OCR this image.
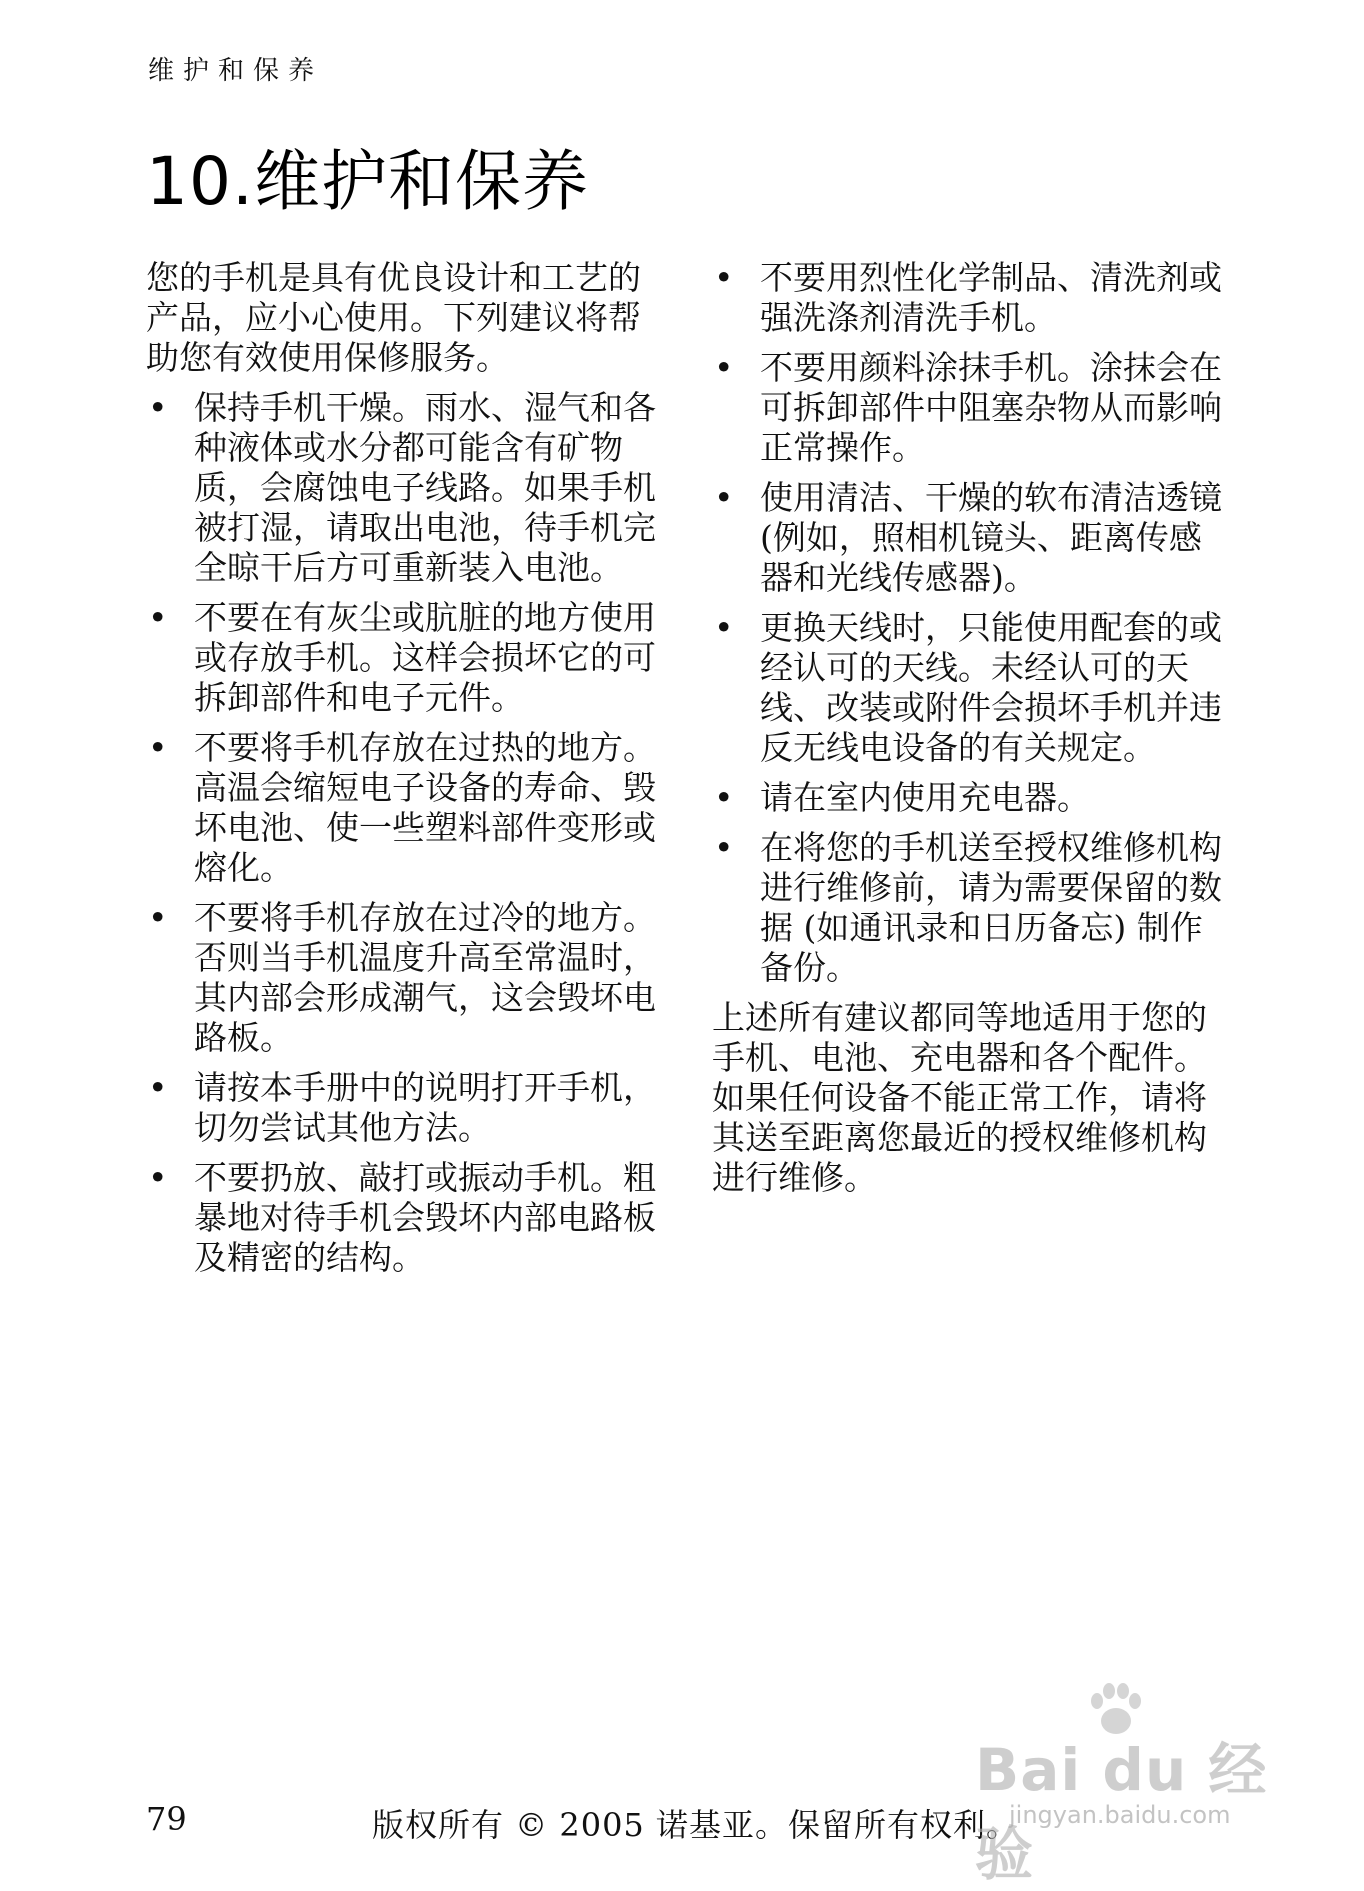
维护和保养
10.维护和保养

您的手机是具有优良设计和工艺的产品，应小心使用。下列建议将帮助您有效使用保修服务。

• 保持手机干燥。雨水、湿气和各种液体或水分都可能含有矿物质，会腐蚀电子线路。如果手机被打湿，请取出电池，待手机完全晾干后方可重新装入电池。
• 不要在有灰尘或肮脏的地方使用或存放手机。这样会损坏它的可拆卸部件和电子元件。
• 不要将手机存放在过热的地方。高温会缩短电子设备的寿命、毁坏电池、使一些塑料部件变形或熔化。
• 不要将手机存放在过冷的地方。否则当手机温度升高至常温时，其内部会形成潮气，这会毁坏电路板。
• 请按本手册中的说明打开手机，切勿尝试其他方法。
• 不要扔放、敲打或振动手机。粗暴地对待手机会毁坏内部电路板及精密的结构。
• 不要用烈性化学制品、清洗剂或强洗涤剂清洗手机。
• 不要用颜料涂抹手机。涂抹会在可拆卸部件中阻塞杂物从而影响正常操作。
• 使用清洁、干燥的软布清洁透镜 (例如，照相机镜头、距离传感器和光线传感器)。
• 更换天线时，只能使用配套的或经认可的天线。未经认可的天线、改装或附件会损坏手机并违反无线电设备的有关规定。
• 请在室内使用充电器。
• 在将您的手机送至授权维修机构进行维修前，请为需要保留的数据 (如通讯录和日历备忘) 制作备份。

上述所有建议都同等地适用于您的手机、电池、充电器和各个配件。如果任何设备不能正常工作，请将其送至距离您最近的授权维修机构进行维修。

79	版权所有 © 2005 诺基亚。保留所有权利。
Bai du 经验
jingyan.baidu.com
